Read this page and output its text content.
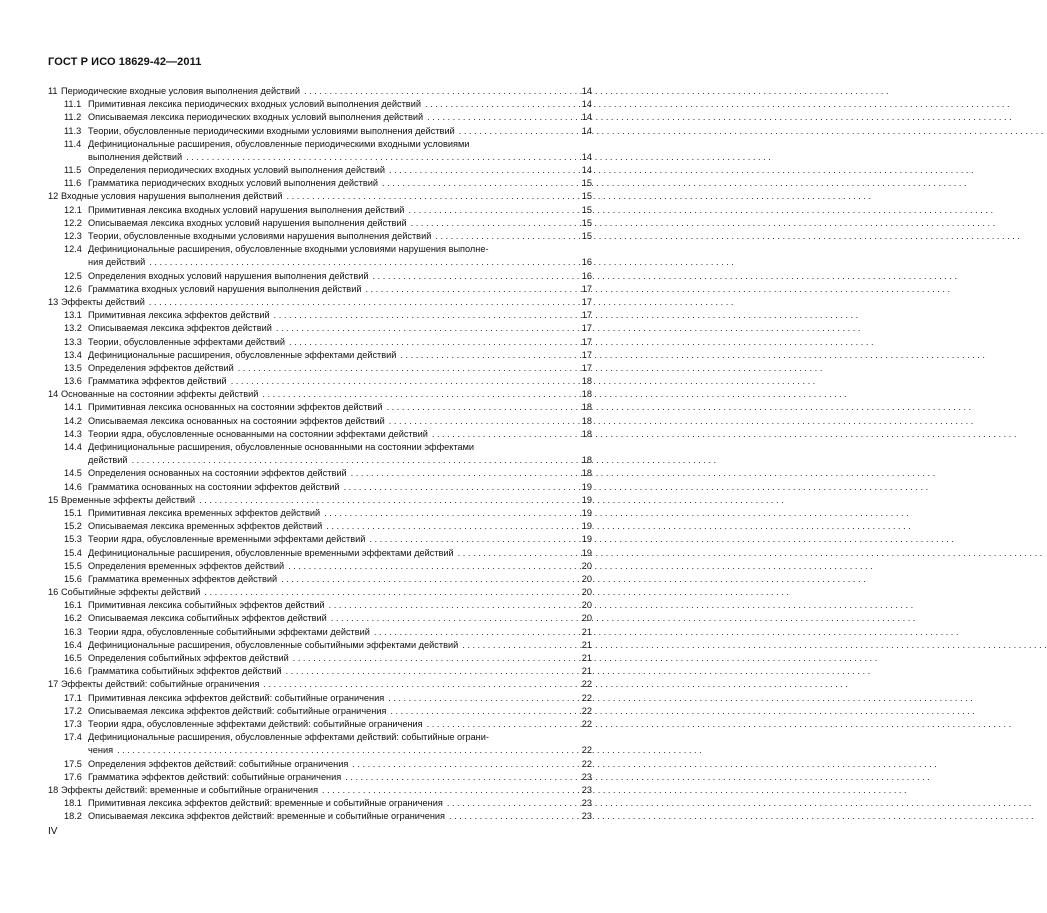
ГОСТ Р ИСО 18629-42—2011
11 Периодические входные условия выполнения действий . . .	14
11.1 Примитивная лексика периодических входных условий выполнения действий . . .	14
11.2 Описываемая лексика периодических входных условий выполнения действий . . .	14
11.3 Теории, обусловленные периодическими входными условиями выполнения действий . . .	14
11.4 Дефинициональные расширения, обусловленные периодическими входными условиями
выполнения действий . . .	14
11.5 Определения периодических входных условий выполнения действий . . .	14
11.6 Грамматика периодических входных условий выполнения действий . . .	15
12 Входные условия нарушения выполнения действий . . .	15
12.1 Примитивная лексика входных условий нарушения выполнения действий . . .	15
12.2 Описываемая лексика входных условий нарушения выполнения действий . . .	15
12.3 Теории, обусловленные входными условиями нарушения выполнения действий . . .	15
12.4 Дефинициональные расширения, обусловленные входными условиями нарушения выполне-
ния действий . . .	16
12.5 Определения входных условий нарушения выполнения действий . . .	16
12.6 Грамматика входных условий нарушения выполнения действий . . .	17
13 Эффекты действий . . .	17
13.1 Примитивная лексика эффектов действий . . .	17
13.2 Описываемая лексика эффектов действий . . .	17
13.3 Теории, обусловленные эффектами действий . . .	17
13.4 Дефинициональные расширения, обусловленные эффектами действий . . .	17
13.5 Определения эффектов действий . . .	17
13.6 Грамматика эффектов действий . . .	18
14 Основанные на состоянии эффекты действий . . .	18
14.1 Примитивная лексика основанных на состоянии эффектов действий . . .	18
14.2 Описываемая лексика основанных на состоянии эффектов действий . . .	18
14.3 Теории ядра, обусловленные основанными на состоянии эффектами действий . . .	18
14.4 Дефинициональные расширения, обусловленные основанными на состоянии эффектами
действий . . .	18
14.5 Определения основанных на состоянии эффектов действий . . .	18
14.6 Грамматика основанных на состоянии эффектов действий . . .	19
15 Временные эффекты действий . . .	19
15.1 Примитивная лексика временных эффектов действий . . .	19
15.2 Описываемая лексика временных эффектов действий . . .	19
15.3 Теории ядра, обусловленные временными эффектами действий . . .	19
15.4 Дефинициональные расширения, обусловленные временными эффектами действий . . .	19
15.5 Определения временных эффектов действий . . .	20
15.6 Грамматика временных эффектов действий . . .	20
16 Событийные эффекты действий . . .	20
16.1 Примитивная лексика событийных эффектов действий . . .	20
16.2 Описываемая лексика событийных эффектов действий . . .	20
16.3 Теории ядра, обусловленные событийными эффектами действий . . .	21
16.4 Дефинициональные расширения, обусловленные событийными эффектами действий . . .	21
16.5 Определения событийных эффектов действий . . .	21
16.6 Грамматика событийных эффектов действий . . .	21
17 Эффекты действий: событийные ограничения . . .	22
17.1 Примитивная лексика эффектов действий: событийные ограничения . . .	22
17.2 Описываемая лексика эффектов действий: событийные ограничения . . .	22
17.3 Теории ядра, обусловленные эффектами действий: событийные ограничения . . .	22
17.4 Дефинициональные расширения, обусловленные эффектами действий: событийные ограни-
чения . . .	22
17.5 Определения эффектов действий: событийные ограничения . . .	22
17.6 Грамматика эффектов действий: событийные ограничения . . .	23
18 Эффекты действий: временные и событийные ограничения . . .	23
18.1 Примитивная лексика эффектов действий: временные и событийные ограничения . . .	23
18.2 Описываемая лексика эффектов действий: временные и событийные ограничения . . .	23
IV
